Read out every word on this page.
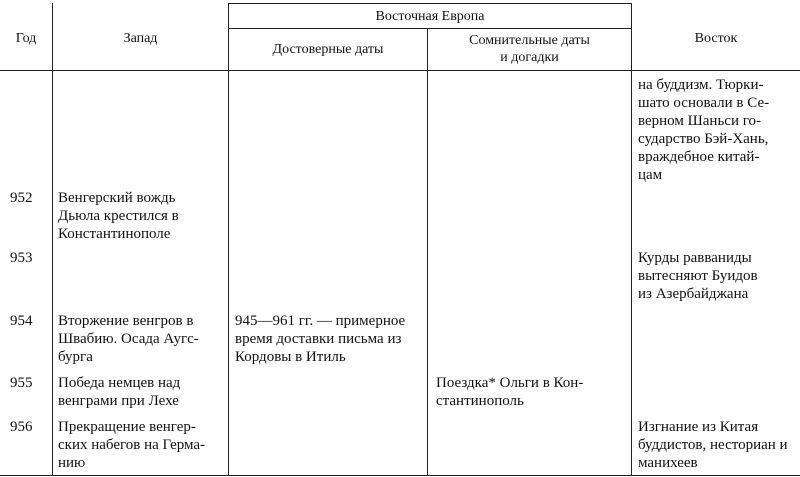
Год	Запад
Восточная Европа
Достоверные даты
Сомнительные даты
и догадки
Восток
на буддизм. Тюрки-
шато основали в Се-
верном Шаньси го-
сударство Бэй-Хань,
враждебное китай-
цам
952 Венгерский вождь
Дьюла крестился в
Константинополе
953	Курды равваниды
вытесняют Буидов
из Азербайджана
954 Вторжение венгров в
Швабию. Осада Аугс-
бурга
945—961 гг. — примерное
время доставки письма из
Кордовы в Итиль
955 Победа немцев над
венграми при Лехе
Поездка* Ольги в Кон-
стантинополь
956 Прекращение венгер-
ских набегов на Герма-
нию
Изгнание из Китая
буддистов, несториан и манихеев
